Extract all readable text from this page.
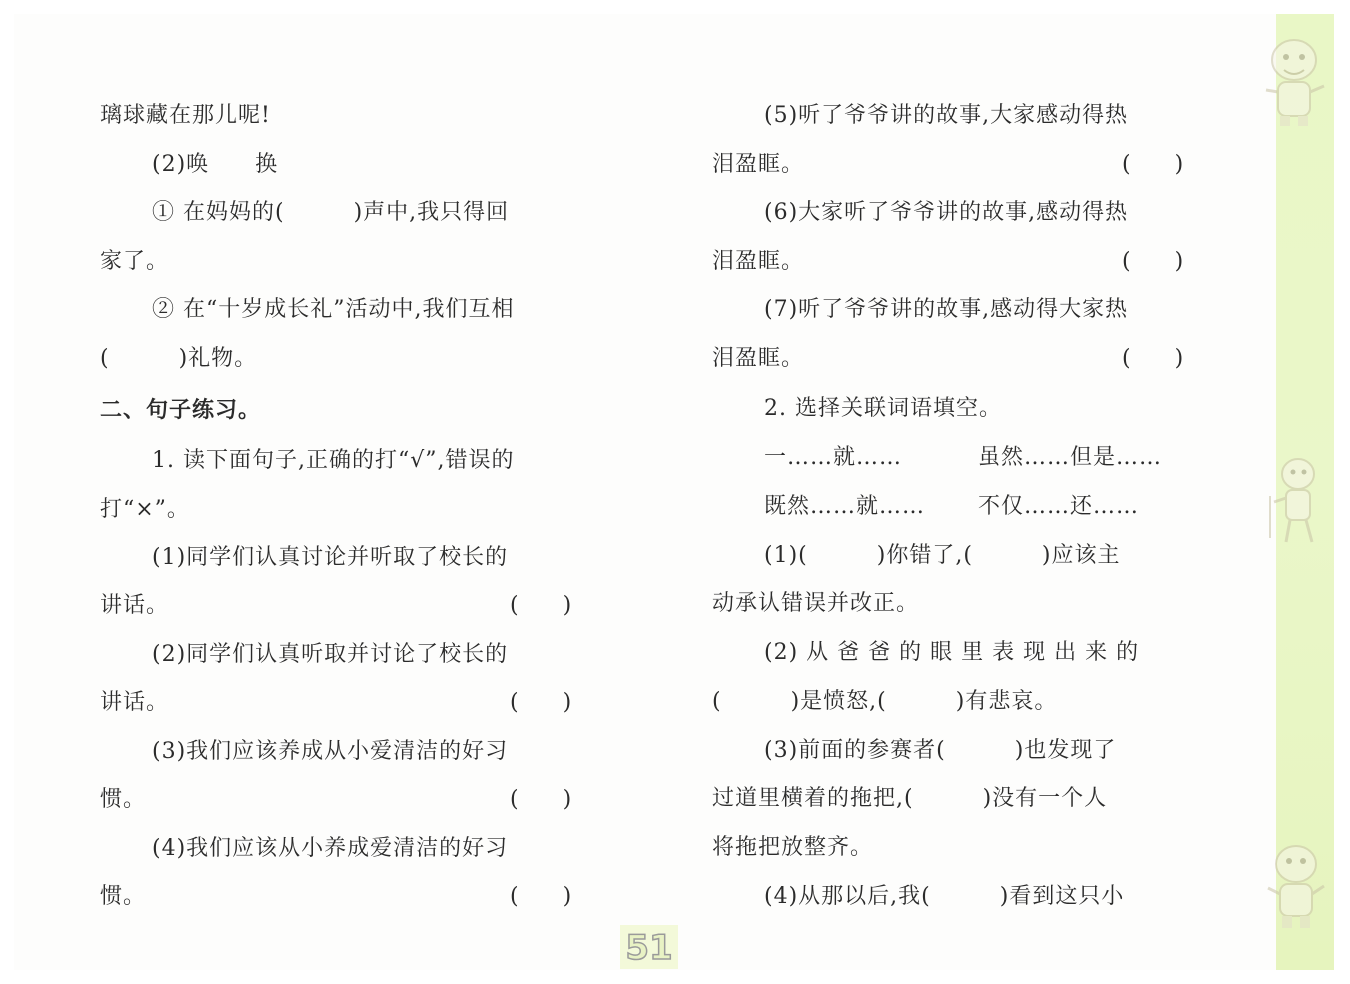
璃球藏在那儿呢!
(2)唤　　换
① 在妈妈的(　　　)声中,我只得回
家了。
② 在“十岁成长礼”活动中,我们互相
(　　　)礼物。
二、句子练习。
1. 读下面句子,正确的打“√”,错误的
打“×”。
(1)同学们认真讨论并听取了校长的
讲话。	(　　)
(2)同学们认真听取并讨论了校长的
讲话。	(　　)
(3)我们应该养成从小爱清洁的好习
惯。	(　　)
(4)我们应该从小养成爱清洁的好习
惯。	(　　)
(5)听了爷爷讲的故事,大家感动得热
泪盈眶。	(　　)
(6)大家听了爷爷讲的故事,感动得热
泪盈眶。	(　　)
(7)听了爷爷讲的故事,感动得大家热
泪盈眶。	(　　)
2. 选择关联词语填空。
一……就……	虽然……但是……
既然……就…… 不仅……还……
(1)(　　　)你错了,(　　　)应该主
动承认错误并改正。
(2) 从 爸 爸 的 眼 里 表 现 出 来 的
(　　　)是愤怒,(　　　)有悲哀。
(3)前面的参赛者(　　　)也发现了
过道里横着的拖把,(　　　)没有一个人
将拖把放整齐。
(4)从那以后,我(　　　)看到这只小
51
